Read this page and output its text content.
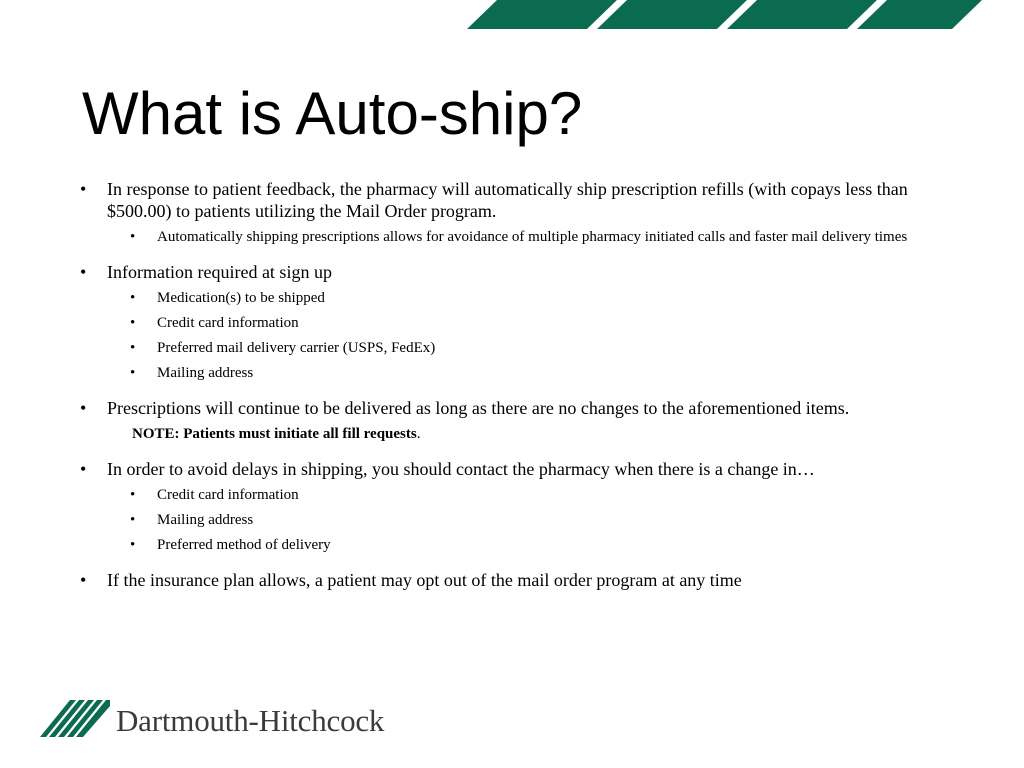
What is Auto-ship?
• In response to patient feedback, the pharmacy will automatically ship prescription refills (with copays less than $500.00) to patients utilizing the Mail Order program.
• Automatically shipping prescriptions allows for avoidance of multiple pharmacy initiated calls and faster mail delivery times
• Information required at sign up
• Medication(s) to be shipped
• Credit card information
• Preferred mail delivery carrier (USPS, FedEx)
• Mailing address
• Prescriptions will continue to be delivered as long as there are no changes to the aforementioned items.
NOTE: Patients must initiate all fill requests.
• In order to avoid delays in shipping, you should contact the pharmacy when there is a change in…
• Credit card information
• Mailing address
• Preferred method of delivery
• If the insurance plan allows, a patient may opt out of the mail order program at any time
Dartmouth-Hitchcock
